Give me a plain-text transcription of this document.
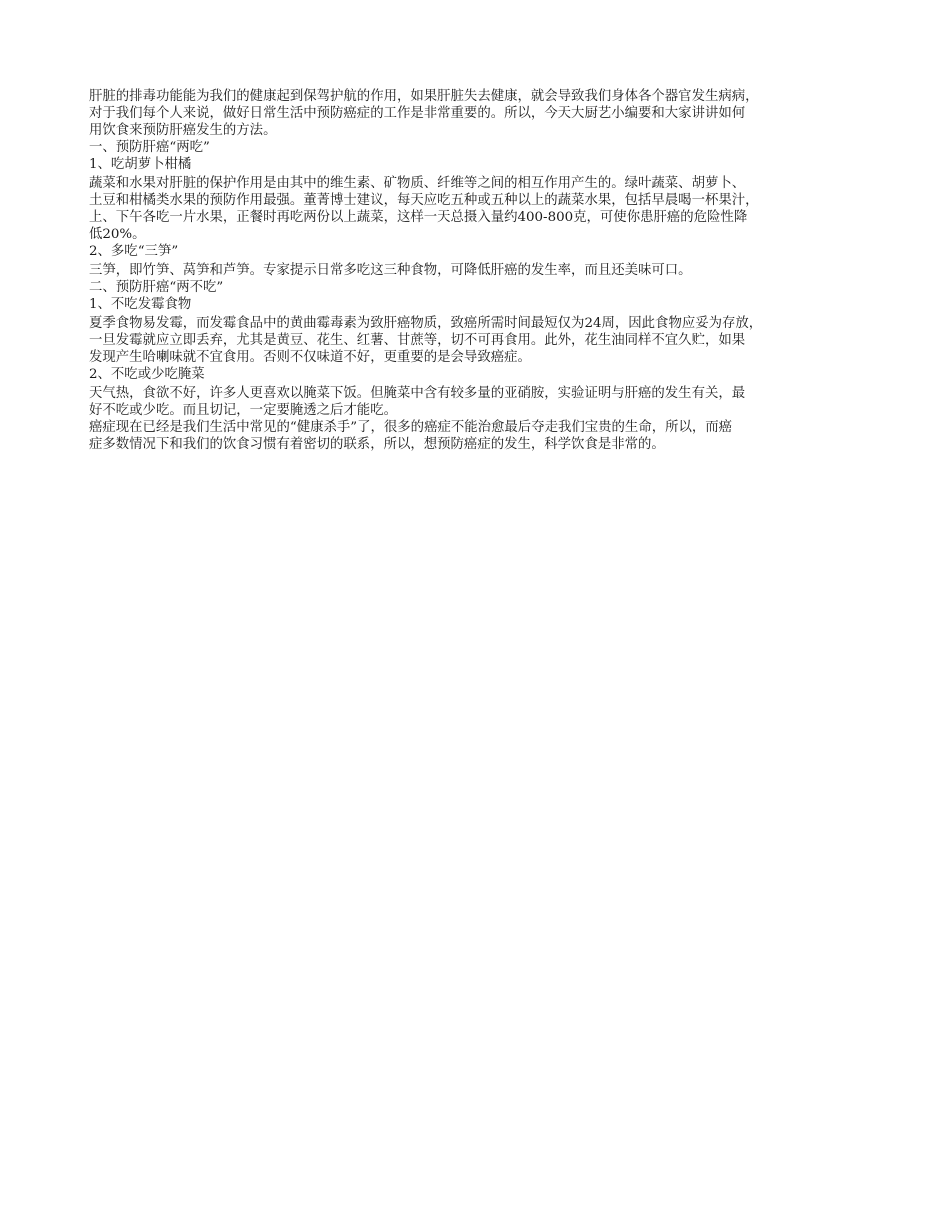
肝脏的排毒功能能为我们的健康起到保驾护航的作用，如果肝脏失去健康，就会导致我们身体各个器官发生病病，
对于我们每个人来说，做好日常生活中预防癌症的工作是非常重要的。所以，今天大厨艺小编要和大家讲讲如何
用饮食来预防肝癌发生的方法。
一、预防肝癌“两吃”
1、吃胡萝卜柑橘
蔬菜和水果对肝脏的保护作用是由其中的维生素、矿物质、纤维等之间的相互作用产生的。绿叶蔬菜、胡萝卜、
土豆和柑橘类水果的预防作用最强。董菁博士建议，每天应吃五种或五种以上的蔬菜水果，包括早晨喝一杯果汁，
上、下午各吃一片水果，正餐时再吃两份以上蔬菜，这样一天总摄入量约400-800克，可使你患肝癌的危险性降
低20%。
2、多吃“三笋”
三笋，即竹笋、莴笋和芦笋。专家提示日常多吃这三种食物，可降低肝癌的发生率，而且还美味可口。
二、预防肝癌“两不吃”
1、不吃发霉食物
夏季食物易发霉，而发霉食品中的黄曲霉毒素为致肝癌物质，致癌所需时间最短仅为24周，因此食物应妥为存放，
一旦发霉就应立即丢弃，尤其是黄豆、花生、红薯、甘蔗等，切不可再食用。此外，花生油同样不宜久贮，如果
发现产生哈喇味就不宜食用。否则不仅味道不好，更重要的是会导致癌症。
2、不吃或少吃腌菜
天气热，食欲不好，许多人更喜欢以腌菜下饭。但腌菜中含有较多量的亚硝胺，实验证明与肝癌的发生有关，最
好不吃或少吃。而且切记，一定要腌透之后才能吃。
癌症现在已经是我们生活中常见的“健康杀手”了，很多的癌症不能治愈最后夺走我们宝贵的生命，所以，而癌
症多数情况下和我们的饮食习惯有着密切的联系，所以，想预防癌症的发生，科学饮食是非常的。
